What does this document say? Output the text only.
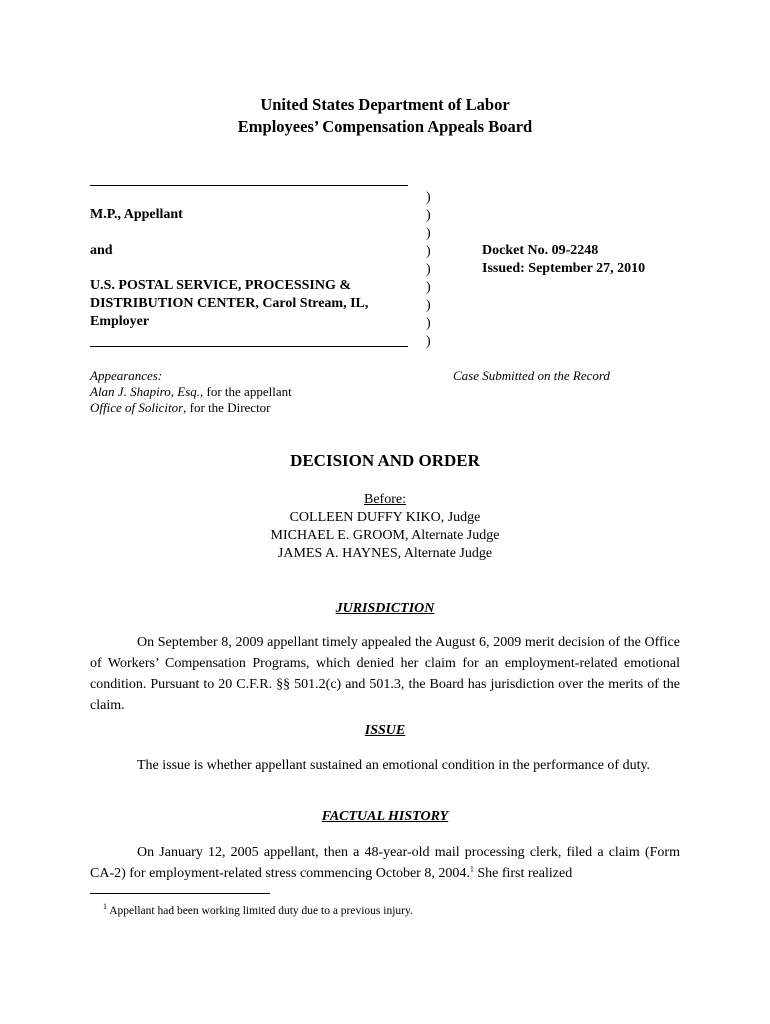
United States Department of Labor
Employees’ Compensation Appeals Board
M.P., Appellant
and
U.S. POSTAL SERVICE, PROCESSING &
DISTRIBUTION CENTER, Carol Stream, IL,
Employer
)
)
)
)
)
)
)
)
)
Docket No. 09-2248
Issued: September 27, 2010
Appearances:
Alan J. Shapiro, Esq., for the appellant
Office of Solicitor, for the Director
Case Submitted on the Record
DECISION AND ORDER
Before:
COLLEEN DUFFY KIKO, Judge
MICHAEL E. GROOM, Alternate Judge
JAMES A. HAYNES, Alternate Judge
JURISDICTION
On September 8, 2009 appellant timely appealed the August 6, 2009 merit decision of the Office of Workers’ Compensation Programs, which denied her claim for an employment-related emotional condition. Pursuant to 20 C.F.R. §§ 501.2(c) and 501.3, the Board has jurisdiction over the merits of the claim.
ISSUE
The issue is whether appellant sustained an emotional condition in the performance of duty.
FACTUAL HISTORY
On January 12, 2005 appellant, then a 48-year-old mail processing clerk, filed a claim (Form CA-2) for employment-related stress commencing October 8, 2004.$^1$ She first realized
$^1$ Appellant had been working limited duty due to a previous injury.
